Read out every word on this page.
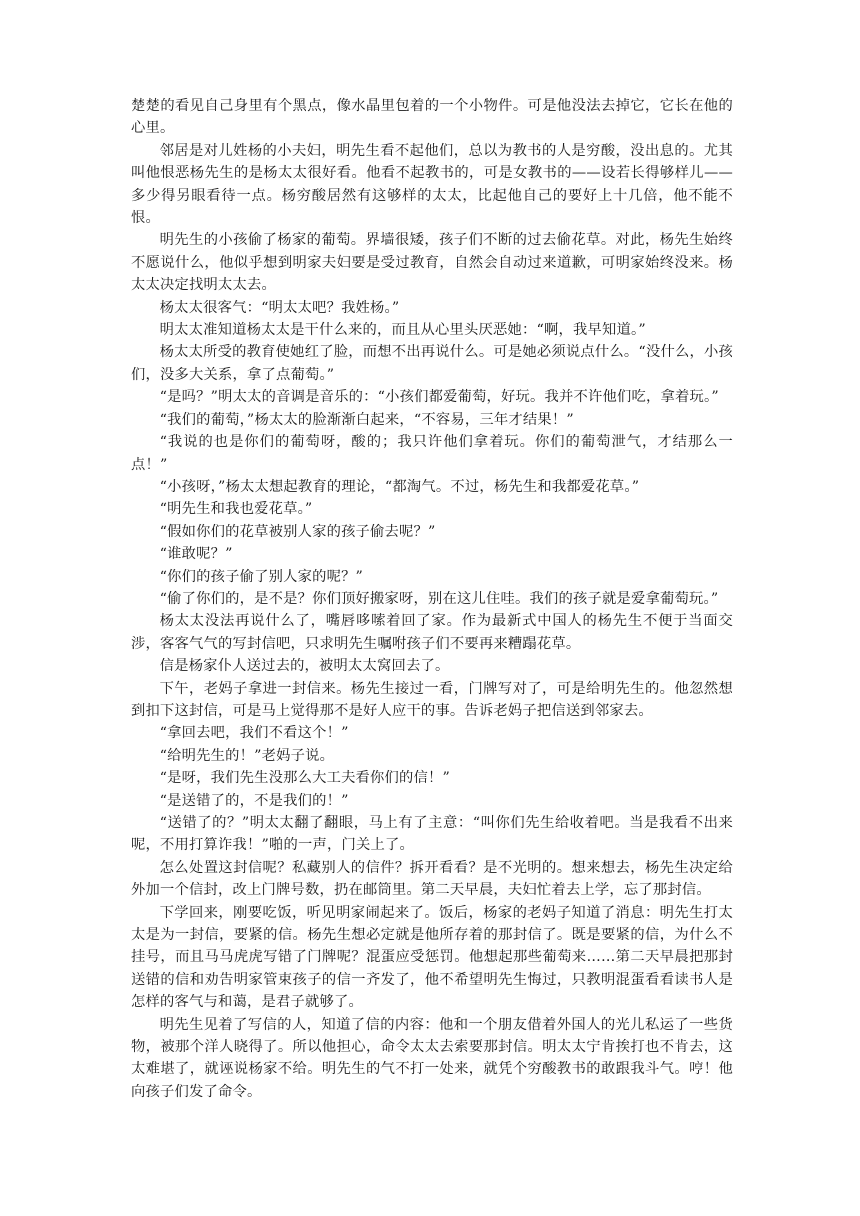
楚楚的看见自己身里有个黑点，像水晶里包着的一个小物件。可是他没法去掉它，它长在他的心里。

邻居是对儿姓杨的小夫妇，明先生看不起他们，总以为教书的人是穷酸，没出息的。尤其叫他恨恶杨先生的是杨太太很好看。他看不起教书的，可是女教书的——设若长得够样儿——多少得另眼看待一点。杨穷酸居然有这够样的太太，比起他自己的要好上十几倍，他不能不恨。

明先生的小孩偷了杨家的葡萄。界墙很矮，孩子们不断的过去偷花草。对此，杨先生始终不愿说什么，他似乎想到明家夫妇要是受过教育，自然会自动过来道歉，可明家始终没来。杨太太决定找明太太去。

杨太太很客气：“明太太吧？我姓杨。”

明太太准知道杨太太是干什么来的，而且从心里头厌恶她：“啊，我早知道。”

杨太太所受的教育使她红了脸，而想不出再说什么。可是她必须说点什么。“没什么，小孩们，没多大关系，拿了点葡萄。”

“是吗？”明太太的音调是音乐的：“小孩们都爱葡萄，好玩。我并不许他们吃，拿着玩。”

“我们的葡萄，”杨太太的脸渐渐白起来，“不容易，三年才结果！”

“我说的也是你们的葡萄呀，酸的；我只许他们拿着玩。你们的葡萄泄气，才结那么一点！”

“小孩呀，”杨太太想起教育的理论，“都淘气。不过，杨先生和我都爱花草。”

“明先生和我也爱花草。”

“假如你们的花草被别人家的孩子偷去呢？”

“谁敢呢？”

“你们的孩子偷了别人家的呢？”

“偷了你们的，是不是？你们顶好搬家呀，别在这儿住哇。我们的孩子就是爱拿葡萄玩。”

杨太太没法再说什么了，嘴唇哆嗦着回了家。作为最新式中国人的杨先生不便于当面交涉，客客气气的写封信吧，只求明先生嘱咐孩子们不要再来糟蹋花草。

信是杨家仆人送过去的，被明太太窝回去了。

下午，老妈子拿进一封信来。杨先生接过一看，门牌写对了，可是给明先生的。他忽然想到扣下这封信，可是马上觉得那不是好人应干的事。告诉老妈子把信送到邻家去。

“拿回去吧，我们不看这个！”

“给明先生的！”老妈子说。

“是呀，我们先生没那么大工夫看你们的信！”

“是送错了的，不是我们的！”

“送错了的？”明太太翻了翻眼，马上有了主意：“叫你们先生给收着吧。当是我看不出来呢，不用打算诈我！”啪的一声，门关上了。

怎么处置这封信呢？私藏别人的信件？拆开看看？是不光明的。想来想去，杨先生决定给外加一个信封，改上门牌号数，扔在邮筒里。第二天早晨，夫妇忙着去上学，忘了那封信。

下学回来，刚要吃饭，听见明家闹起来了。饭后，杨家的老妈子知道了消息：明先生打太太是为一封信，要紧的信。杨先生想必定就是他所存着的那封信了。既是要紧的信，为什么不挂号，而且马马虎虎写错了门牌呢？混蛋应受惩罚。他想起那些葡萄来……第二天早晨把那封送错的信和劝告明家管束孩子的信一齐发了，他不希望明先生悔过，只教明混蛋看看读书人是怎样的客气与和蔼，是君子就够了。

明先生见着了写信的人，知道了信的内容：他和一个朋友借着外国人的光儿私运了一些货物，被那个洋人晓得了。所以他担心，命令太太去索要那封信。明太太宁肯挨打也不肯去，这太难堪了，就诬说杨家不给。明先生的气不打一处来，就凭个穷酸教书的敢跟我斗气。哼！他向孩子们发了命令。
